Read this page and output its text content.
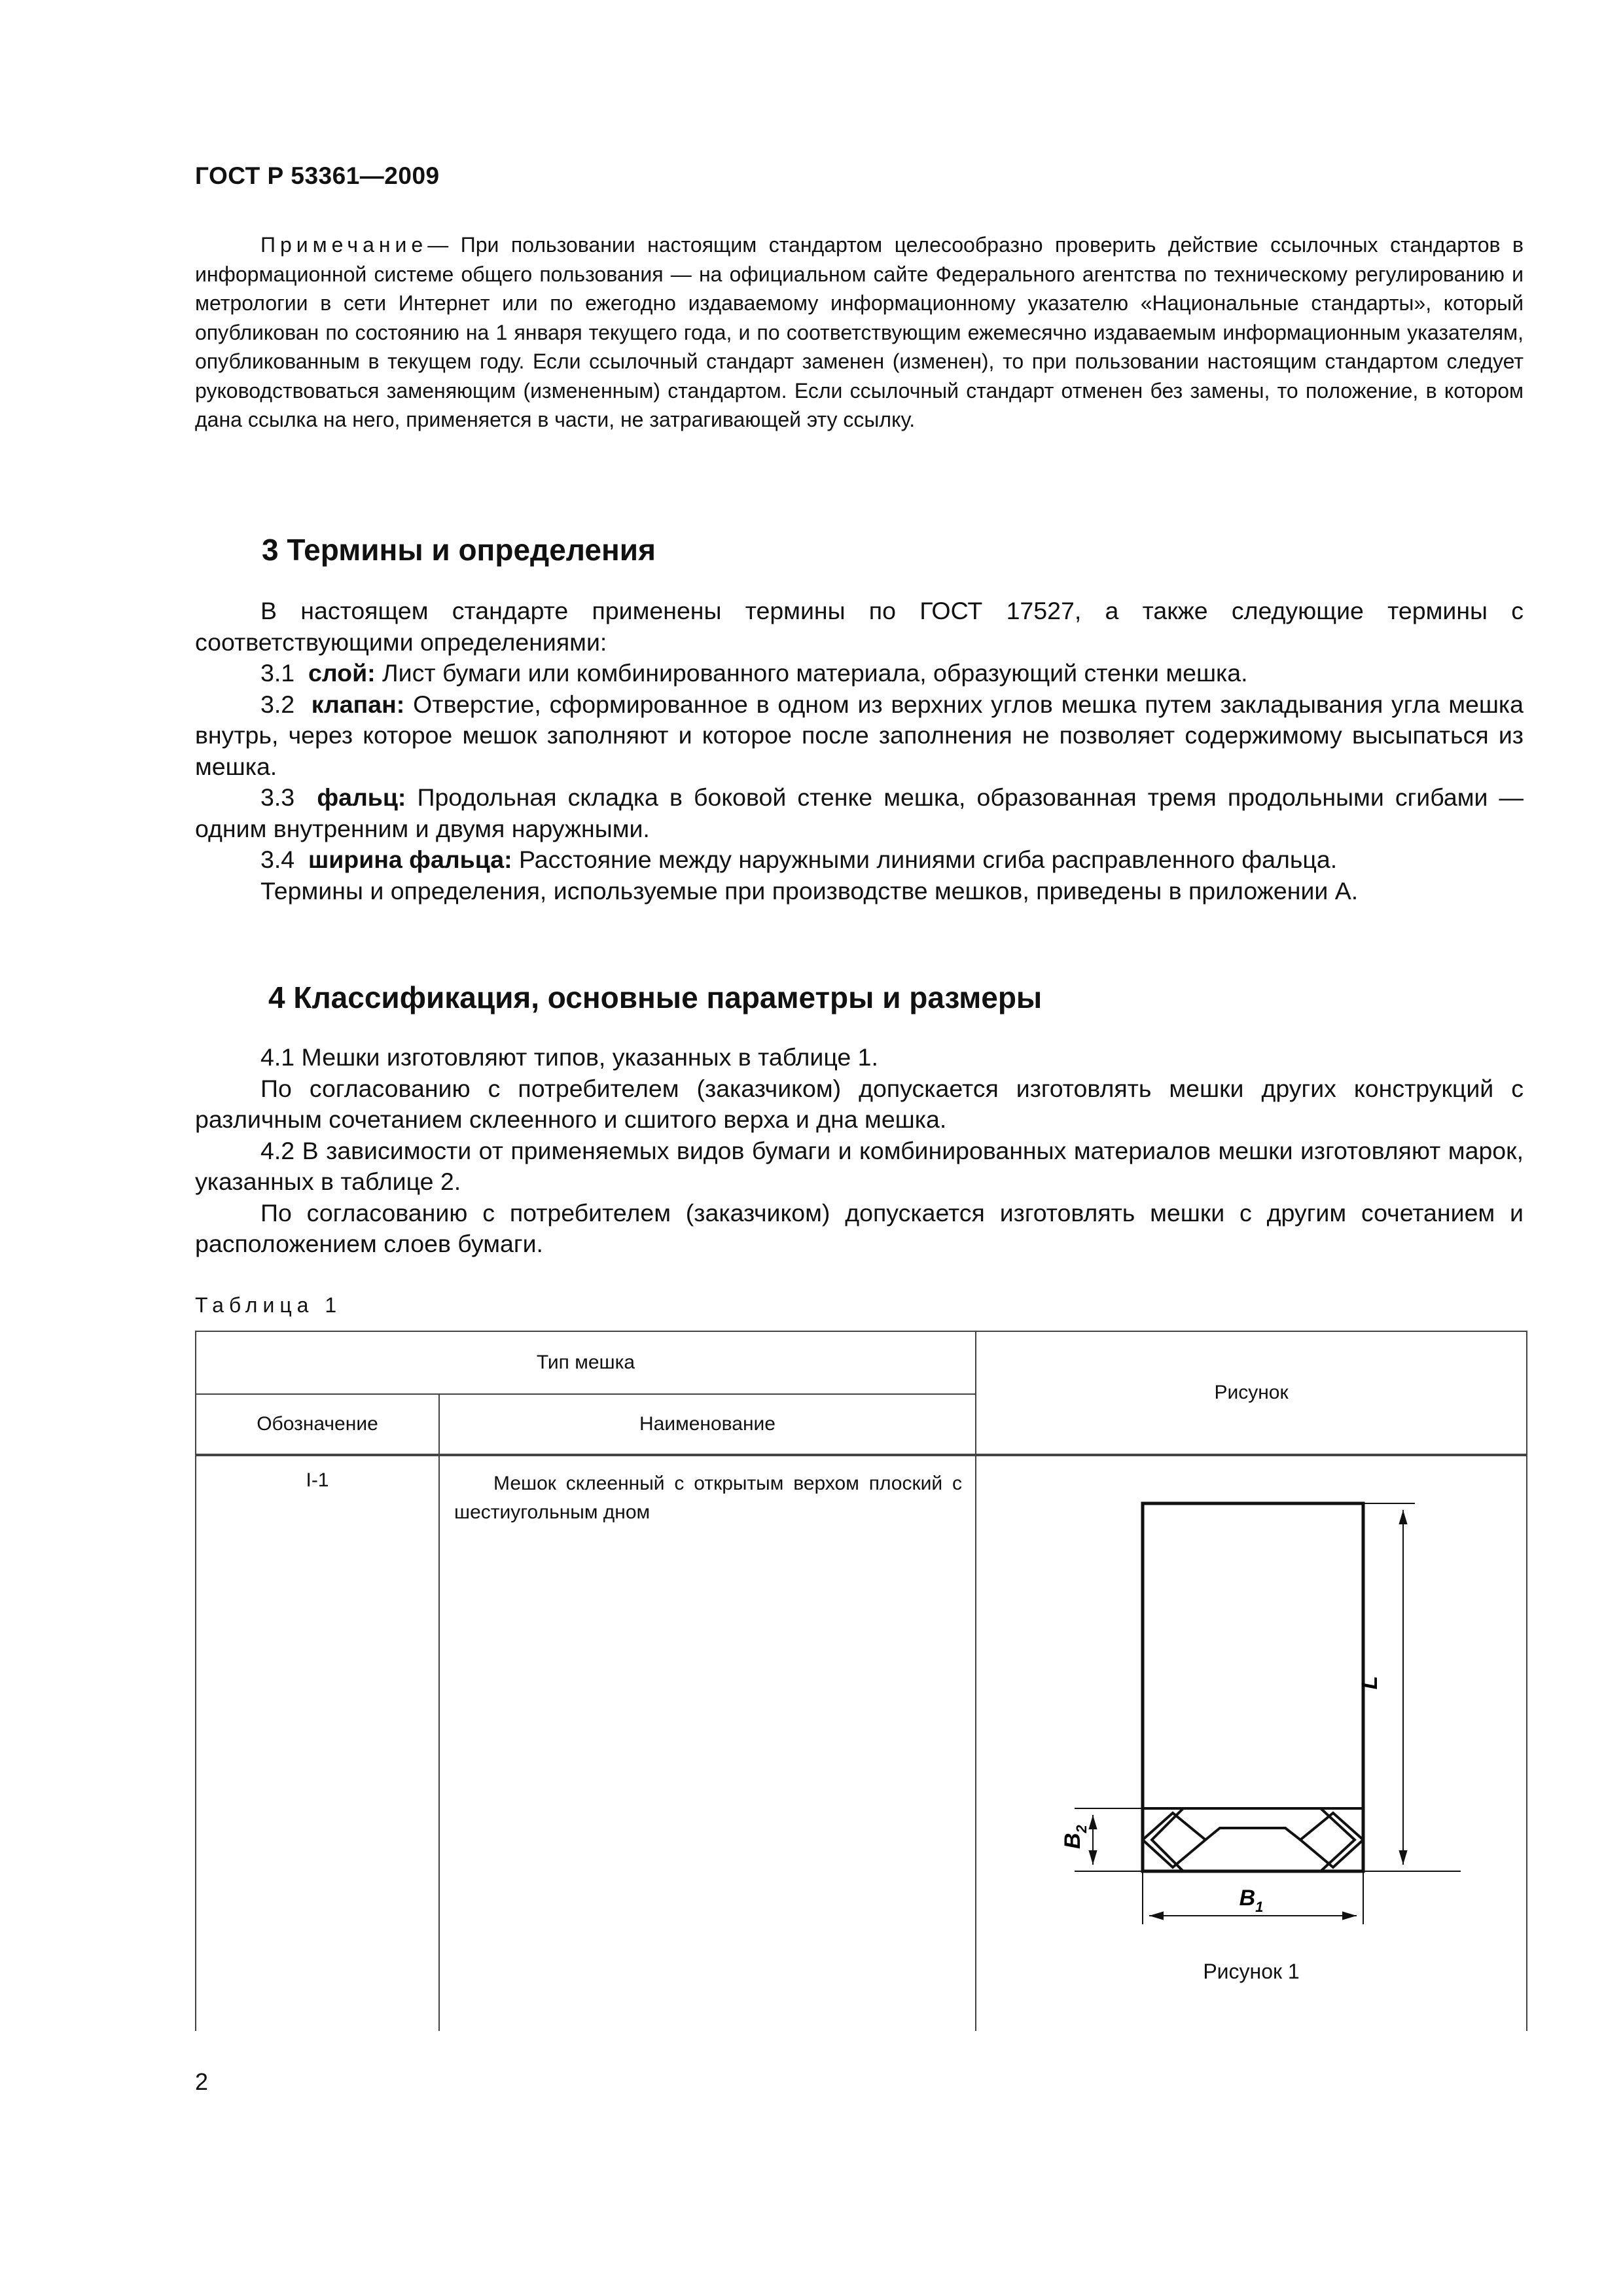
ГОСТ Р 53361—2009
Примечание— При пользовании настоящим стандартом целесообразно проверить действие ссылочных стандартов в информационной системе общего пользования — на официальном сайте Федерального агентства по техническому регулированию и метрологии в сети Интернет или по ежегодно издаваемому информационному указателю «Национальные стандарты», который опубликован по состоянию на 1 января текущего года, и по соответствующим ежемесячно издаваемым информационным указателям, опубликованным в текущем году. Если ссылочный стандарт заменен (изменен), то при пользовании настоящим стандартом следует руководствоваться заменяющим (измененным) стандартом. Если ссылочный стандарт отменен без замены, то положение, в котором дана ссылка на него, применяется в части, не затрагивающей эту ссылку.
3 Термины и определения

В настоящем стандарте применены термины по ГОСТ 17527, а также следующие термины с соответствующими определениями:

3.1 слой: Лист бумаги или комбинированного материала, образующий стенки мешка.

3.2 клапан: Отверстие, сформированное в одном из верхних углов мешка путем закладывания угла мешка внутрь, через которое мешок заполняют и которое после заполнения не позволяет содержимому высыпаться из мешка.

3.3 фальц: Продольная складка в боковой стенке мешка, образованная тремя продольными сгибами — одним внутренним и двумя наружными.

3.4 ширина фальца: Расстояние между наружными линиями сгиба расправленного фальца.

Термины и определения, используемые при производстве мешков, приведены в приложении А.

4 Классификация, основные параметры и размеры

4.1 Мешки изготовляют типов, указанных в таблице 1.

По согласованию с потребителем (заказчиком) допускается изготовлять мешки других конструкций с различным сочетанием склеенного и сшитого верха и дна мешка.

4.2 В зависимости от применяемых видов бумаги и комбинированных материалов мешки изготовляют марок, указанных в таблице 2.

По согласованию с потребителем (заказчиком) допускается изготовлять мешки с другим сочетанием и расположением слоев бумаги.

Таблица 1
Тип мешка		Рисунок
Обозначение	Наименование	
I-1	Мешок склеенный с открытым верхом плоский с шестиугольным дном	L
$B_1$
$B_2$
Рисунок 1
2
